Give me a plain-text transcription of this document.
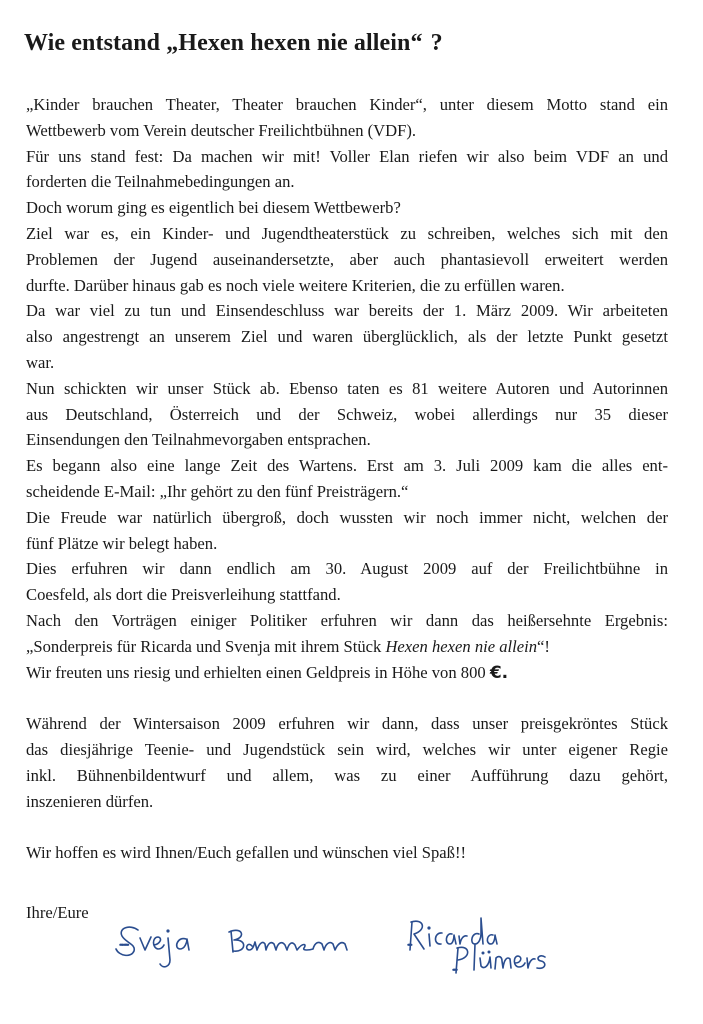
Wie entstand „Hexen hexen nie allein“ ?
„Kinder brauchen Theater, Theater brauchen Kinder“, unter diesem Motto stand ein
Wettbewerb vom Verein deutscher Freilichtbühnen (VDF).
Für uns stand fest: Da machen wir mit! Voller Elan riefen wir also beim VDF an und
forderten die Teilnahmebedingungen an.
Doch worum ging es eigentlich bei diesem Wettbewerb?
Ziel war es, ein Kinder- und Jugendtheaterstück zu schreiben, welches sich mit den
Problemen der Jugend auseinandersetzte, aber auch phantasievoll erweitert werden
durfte. Darüber hinaus gab es noch viele weitere Kriterien, die zu erfüllen waren.
Da war viel zu tun und Einsendeschluss war bereits der 1. März 2009. Wir arbeiteten
also angestrengt an unserem Ziel und waren überglücklich, als der letzte Punkt gesetzt
war.
Nun schickten wir unser Stück ab. Ebenso taten es 81 weitere Autoren und Autorinnen
aus Deutschland, Österreich und der Schweiz, wobei allerdings nur 35 dieser
Einsendungen den Teilnahmevorgaben entsprachen.
Es begann also eine lange Zeit des Wartens. Erst am 3. Juli 2009 kam die alles ent-
scheidende E-Mail: „Ihr gehört zu den fünf Preisträgern.“
Die Freude war natürlich übergroß, doch wussten wir noch immer nicht, welchen der
fünf Plätze wir belegt haben.
Dies erfuhren wir dann endlich am 30. August 2009 auf der Freilichtbühne in
Coesfeld, als dort die Preisverleihung stattfand.
Nach den Vorträgen einiger Politiker erfuhren wir dann das heißersehnte Ergebnis:
„Sonderpreis für Ricarda und Svenja mit ihrem Stück Hexen hexen nie allein“!
Wir freuten uns riesig und erhielten einen Geldpreis in Höhe von 800 €.
Während der Wintersaison 2009 erfuhren wir dann, dass unser preisgekröntes Stück
das diesjährige Teenie- und Jugendstück sein wird, welches wir unter eigener Regie
inkl. Bühnenbildentwurf und allem, was zu einer Aufführung dazu gehört,
inszenieren dürfen.
Wir hoffen es wird Ihnen/Euch gefallen und wünschen viel Spaß!!
Ihre/Eure
Svenja Baumann	Ricarda
Plümers
